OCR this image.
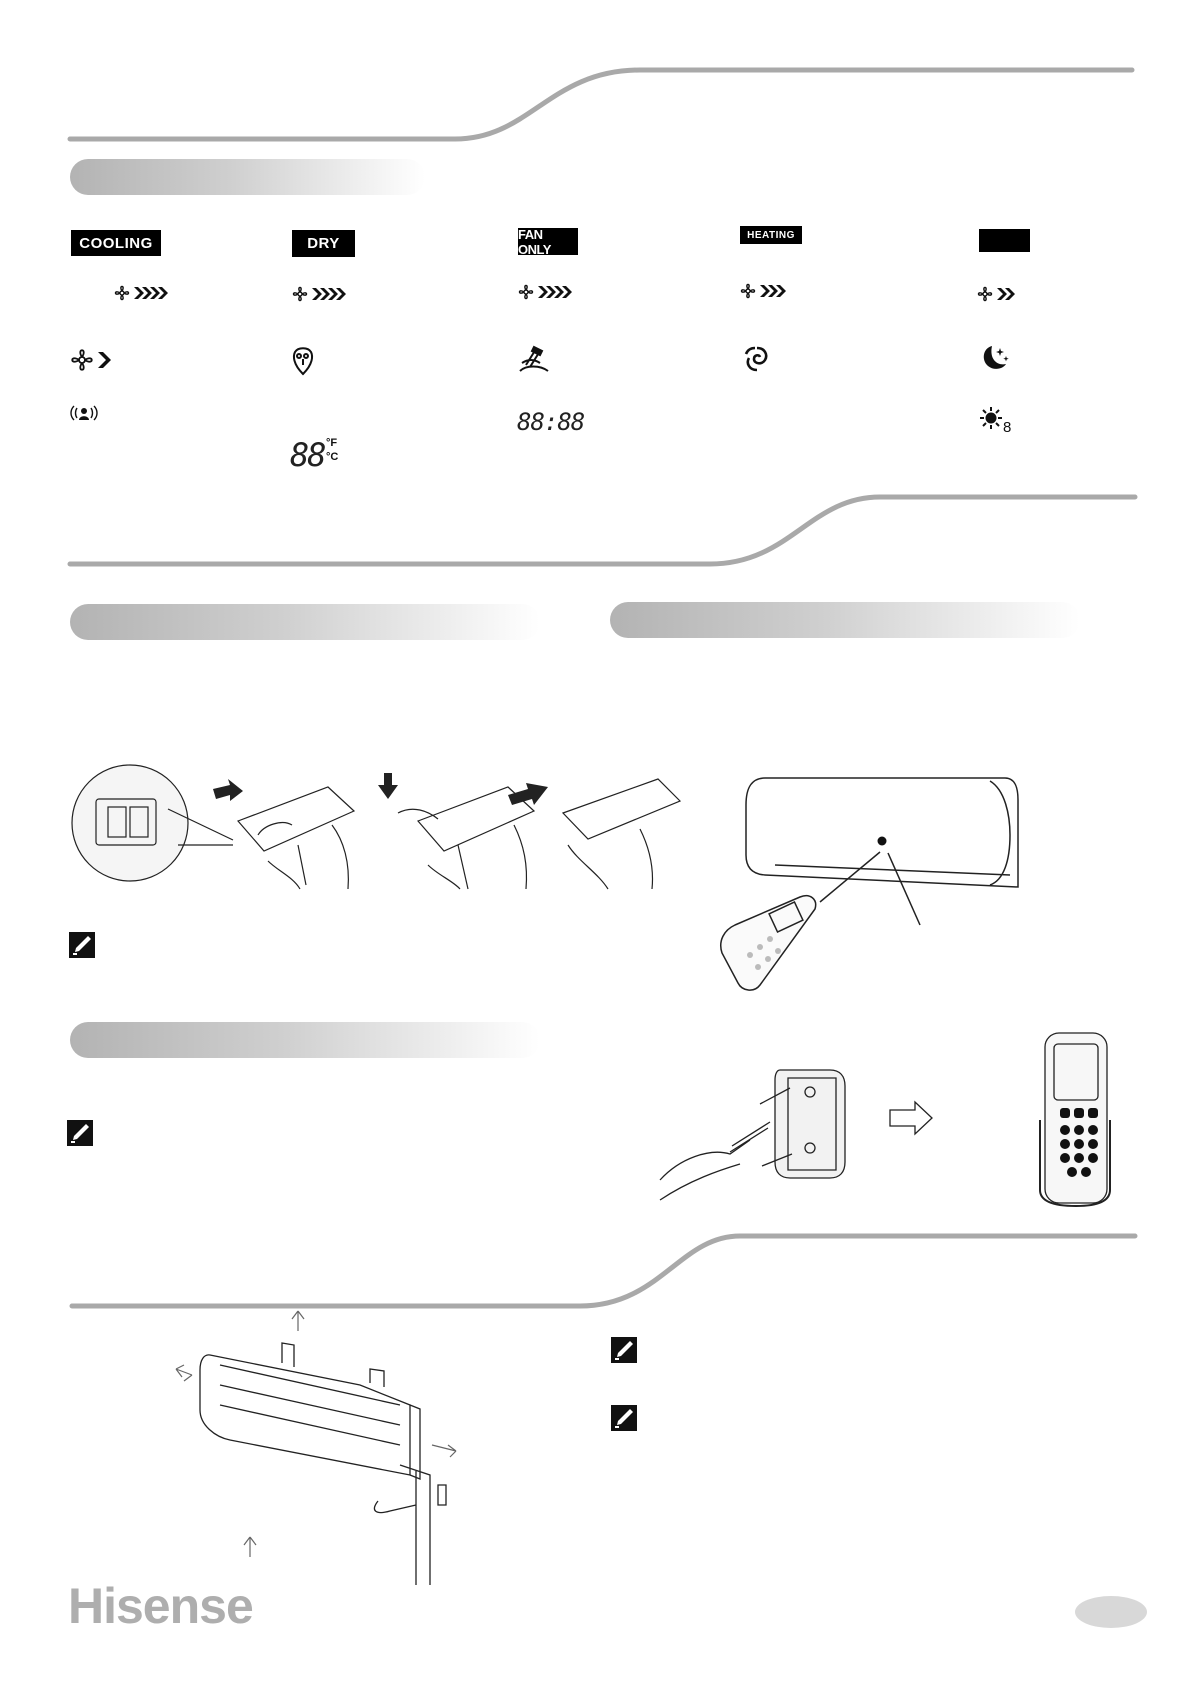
COOLING	DRY
FAN ONLY
HEATING
88:88	8
88 °F
°C
Hisense
